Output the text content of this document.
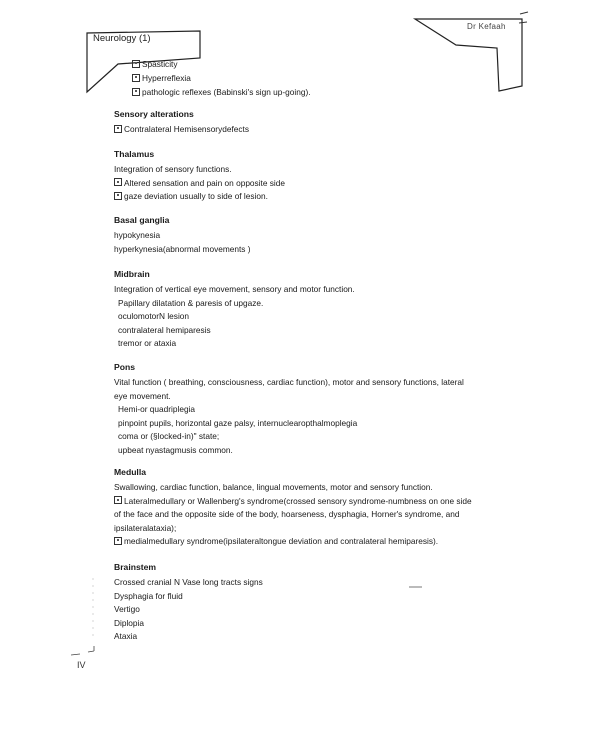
Neurology (1)
Dr Kefaah
Spasticity
Hyperreflexia
pathologic reflexes (Babinski's sign up-going).
Sensory alterations
Contralateral Hemisensorydefects
Thalamus
Integration of sensory functions.
Altered sensation and pain on opposite side
gaze deviation usually to side of lesion.
Basal ganglia
hypokynesia
hyperkynesia(abnormal movements )
Midbrain
Integration of vertical eye movement, sensory and motor function.
Papillary dilatation & paresis of upgaze.
oculomotorN lesion
contralateral hemiparesis
tremor or ataxia
Pons
Vital function ( breathing, consciousness, cardiac function), motor and sensory functions, lateral
eye movement.
Hemi-or quadriplegia
pinpoint pupils, horizontal gaze palsy, internuclearopthalmoplegia
coma or (§locked-in)" state;
upbeat nyastagmusis common.
Medulla
Swallowing, cardiac function, balance, lingual movements, motor and sensory function.
Lateralmedullary or Wallenberg's syndrome(crossed sensory syndrome-numbness on one side
of the face and the opposite side of the body, hoarseness, dysphagia, Horner's syndrome, and
ipsilateralataxia);
medialmedullary syndrome(ipsilateraltongue deviation and contralateral hemiparesis).
Brainstem
Crossed cranial N Vase long tracts signs
Dysphagia for fluid
Vertigo
Diplopia
Ataxia
IV
